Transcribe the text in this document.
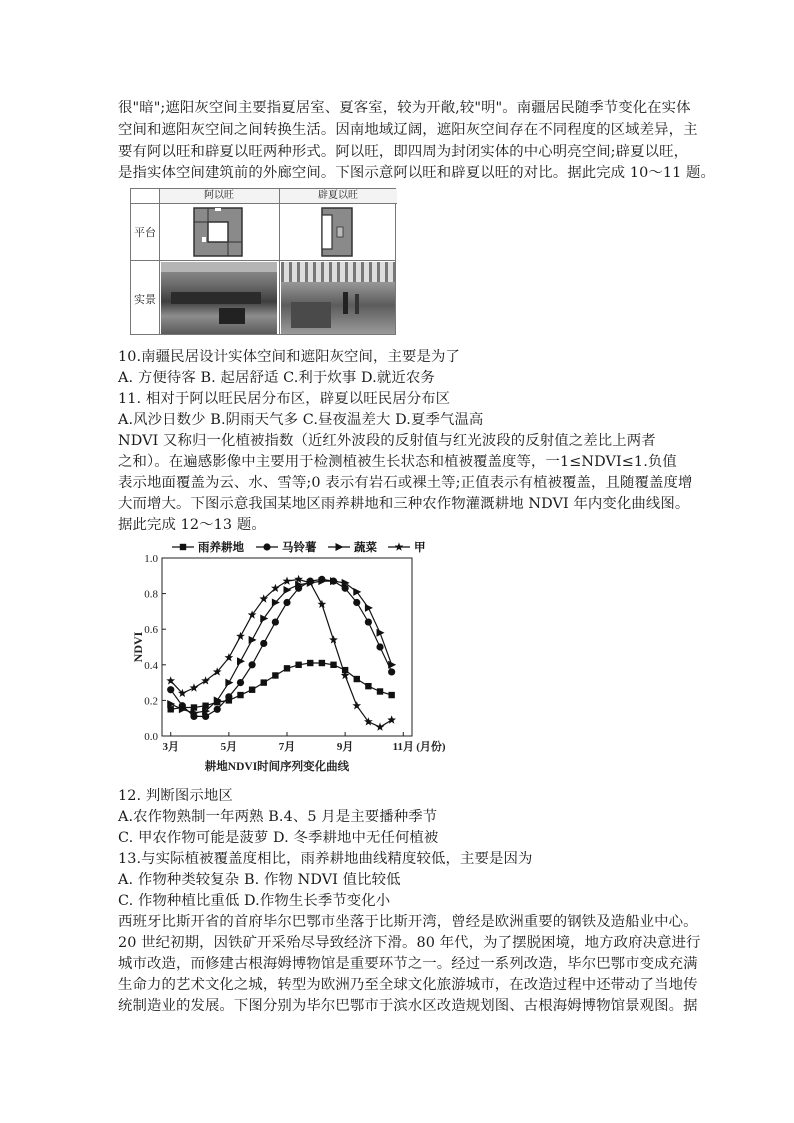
很"暗";遮阳灰空间主要指夏居室、夏客室，较为开敞,较"明"。南疆居民随季节变化在实体
空间和遮阳灰空间之间转换生活。因南地域辽阔，遮阳灰空间存在不同程度的区域差异，主
要有阿以旺和辟夏以旺两种形式。阿以旺，即四周为封闭实体的中心明亮空间;辟夏以旺，
是指实体空间建筑前的外廊空间。下图示意阿以旺和辟夏以旺的对比。据此完成 10～11 题。
阿以旺	辟夏以旺
平台
实景
10.南疆民居设计实体空间和遮阳灰空间，主要是为了
A. 方便待客 B. 起居舒适 C.利于炊事 D.就近农务
11. 相对于阿以旺民居分布区，辟夏以旺民居分布区
A.风沙日数少 B.阴雨天气多 C.昼夜温差大 D.夏季气温高
NDVI 又称归一化植被指数（近红外波段的反射值与红光波段的反射值之差比上两者
之和）。在遍感影像中主要用于检测植被生长状态和植被覆盖度等，一1≤NDVI≤1.负值
表示地面覆盖为云、水、雪等;0 表示有岩石或裸土等;正值表示有植被覆盖，且随覆盖度增
大而增大。下图示意我国某地区雨养耕地和三种农作物灌溉耕地 NDVI 年内变化曲线图。
据此完成 12～13 题。
0.0
0.2
0.4
0.6
0.8
1.0
3月	5月	7月	9月	11月 (月份)
NDVI
耕地NDVI时间序列变化曲线
雨养耕地	马铃薯	蔬菜	甲
12. 判断图示地区
A.农作物熟制一年两熟 B.4、5 月是主要播种季节
C. 甲农作物可能是菠萝 D. 冬季耕地中无任何植被
13.与实际植被覆盖度相比，雨养耕地曲线精度较低，主要是因为
A. 作物种类较复杂 B. 作物 NDVI 值比较低
C. 作物种植比重低 D.作物生长季节变化小
西班牙比斯开省的首府毕尔巴鄂市坐落于比斯开湾，曾经是欧洲重要的钢铁及造船业中心。
20 世纪初期，因铁矿开采殆尽导致经济下滑。80 年代，为了摆脱困境，地方政府决意进行
城市改造，而修建古根海姆博物馆是重要环节之一。经过一系列改造，毕尔巴鄂市变成充满
生命力的艺术文化之城，转型为欧洲乃至全球文化旅游城市，在改造过程中还带动了当地传
统制造业的发展。下图分别为毕尔巴鄂市于滨水区改造规划图、古根海姆博物馆景观图。据
